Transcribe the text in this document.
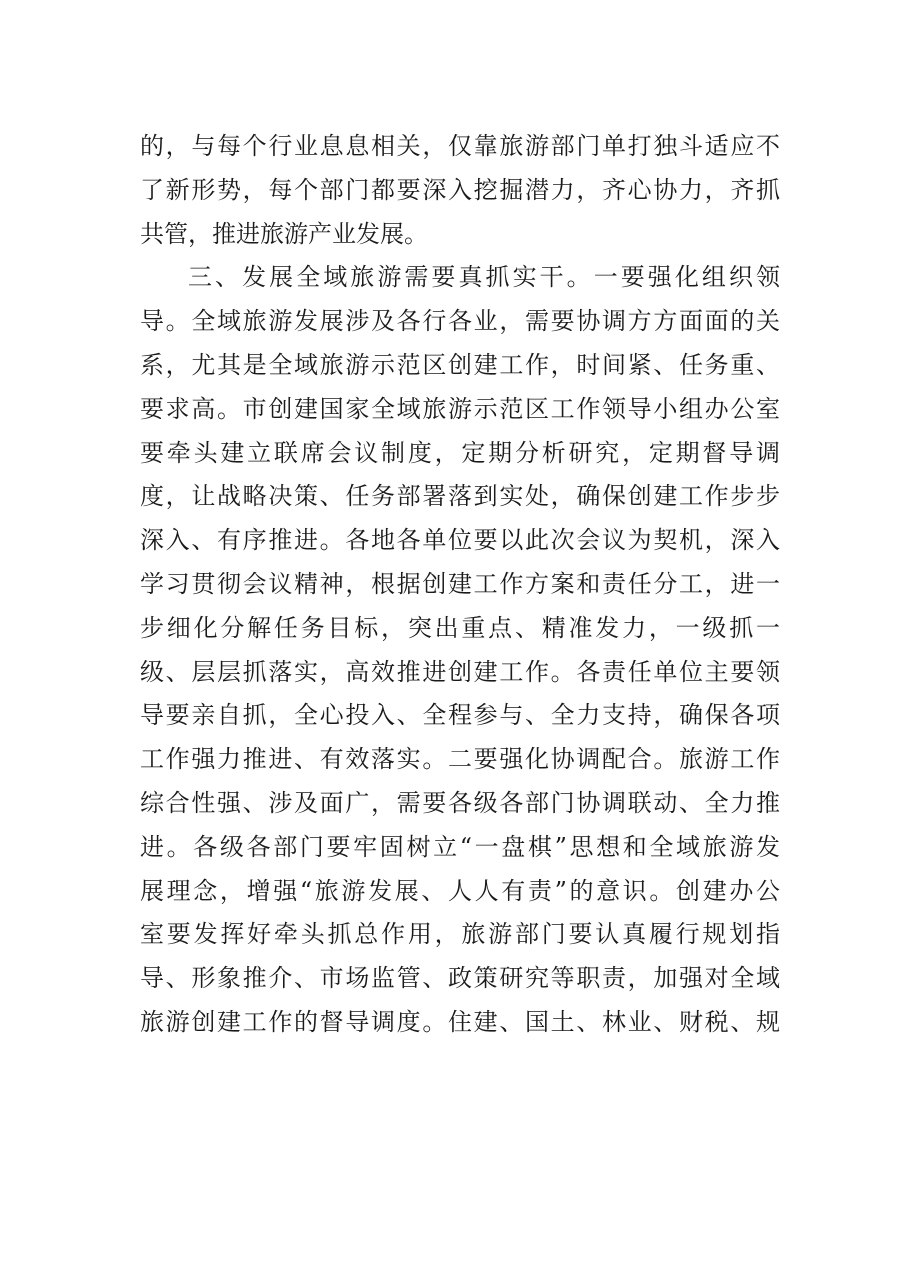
的，与每个行业息息相关，仅靠旅游部门单打独斗适应不
了新形势，每个部门都要深入挖掘潜力，齐心协力，齐抓
共管，推进旅游产业发展。
三、发展全域旅游需要真抓实干。一要强化组织领
导。全域旅游发展涉及各行各业，需要协调方方面面的关
系，尤其是全域旅游示范区创建工作，时间紧、任务重、
要求高。市创建国家全域旅游示范区工作领导小组办公室
要牵头建立联席会议制度，定期分析研究，定期督导调
度，让战略决策、任务部署落到实处，确保创建工作步步
深入、有序推进。各地各单位要以此次会议为契机，深入
学习贯彻会议精神，根据创建工作方案和责任分工，进一
步细化分解任务目标，突出重点、精准发力，一级抓一
级、层层抓落实，高效推进创建工作。各责任单位主要领
导要亲自抓，全心投入、全程参与、全力支持，确保各项
工作强力推进、有效落实。二要强化协调配合。旅游工作
综合性强、涉及面广，需要各级各部门协调联动、全力推
进。各级各部门要牢固树立“一盘棋”思想和全域旅游发
展理念，增强“旅游发展、人人有责”的意识。创建办公
室要发挥好牵头抓总作用，旅游部门要认真履行规划指
导、形象推介、市场监管、政策研究等职责，加强对全域
旅游创建工作的督导调度。住建、国土、林业、财税、规
